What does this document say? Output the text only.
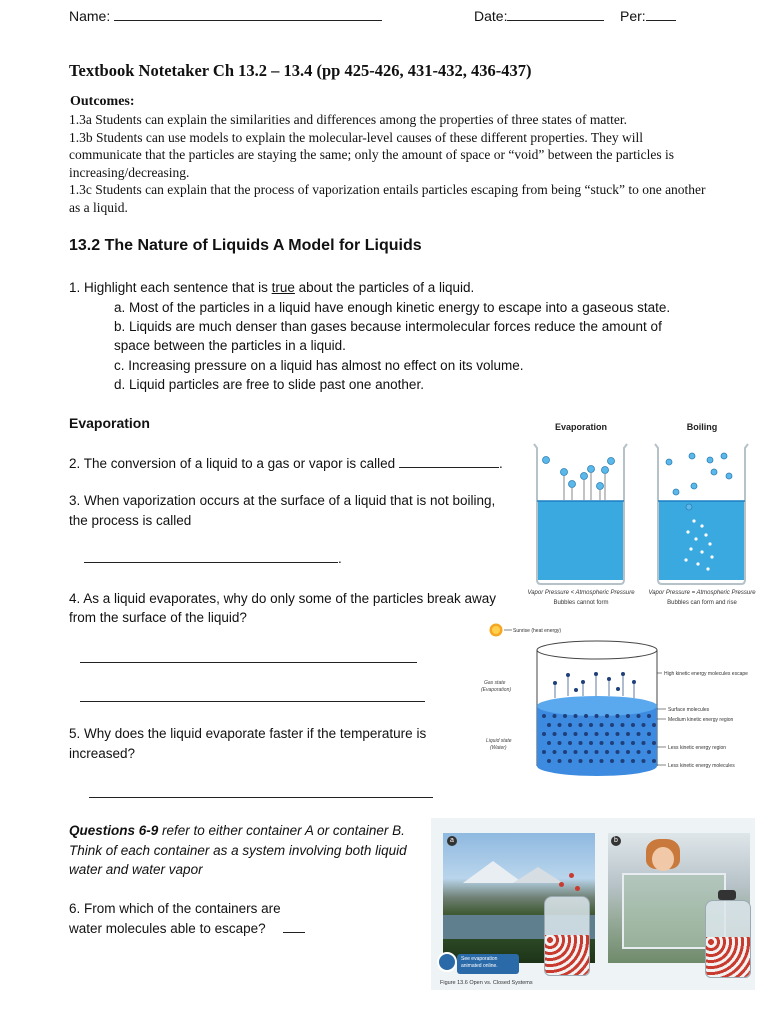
Name:	Date:	Per:
Textbook Notetaker Ch 13.2 – 13.4 (pp 425-426, 431-432, 436-437)
Outcomes:
1.3a Students can explain the similarities and differences among the properties of three states of matter.
1.3b Students can use models to explain the molecular-level causes of these different properties. They will communicate that the particles are staying the same; only the amount of space or “void” between the particles is increasing/decreasing.
1.3c Students can explain that the process of vaporization entails particles escaping from being “stuck” to one another as a liquid.
13.2 The Nature of Liquids A Model for Liquids
1. Highlight each sentence that is true about the particles of a liquid.
a. Most of the particles in a liquid have enough kinetic energy to escape into a gaseous state.
b. Liquids are much denser than gases because intermolecular forces reduce the amount of
space between the particles in a liquid.
c. Increasing pressure on a liquid has almost no effect on its volume.
d. Liquid particles are free to slide past one another.
Evaporation
2. The conversion of a liquid to a gas or vapor is called	.
3. When vaporization occurs at the surface of a liquid that is not boiling,
the process is called
.
4. As a liquid evaporates, why do only some of the particles break away
from the surface of the liquid?
5. Why does the liquid evaporate faster if the temperature is
increased?
Questions 6-9 refer to either container A or container B.
Think of each container as a system involving both liquid
water and water vapor
6. From which of the containers are
water molecules able to escape?
Evaporation	Boiling
Vapor Pressure < Atmospheric Pressure
Bubbles cannot form
Vapor Pressure = Atmospheric Pressure
Bubbles can form and rise
Sunrise (heat energy)
Gas state
(Evaporation)
Liquid state
(Water)
High kinetic energy molecules escape
Surface molecules
Medium kinetic energy region
Less kinetic energy region
Less kinetic energy molecules
a
See evaporation
animated online.
b
Figure 13.6 Open vs. Closed Systems
